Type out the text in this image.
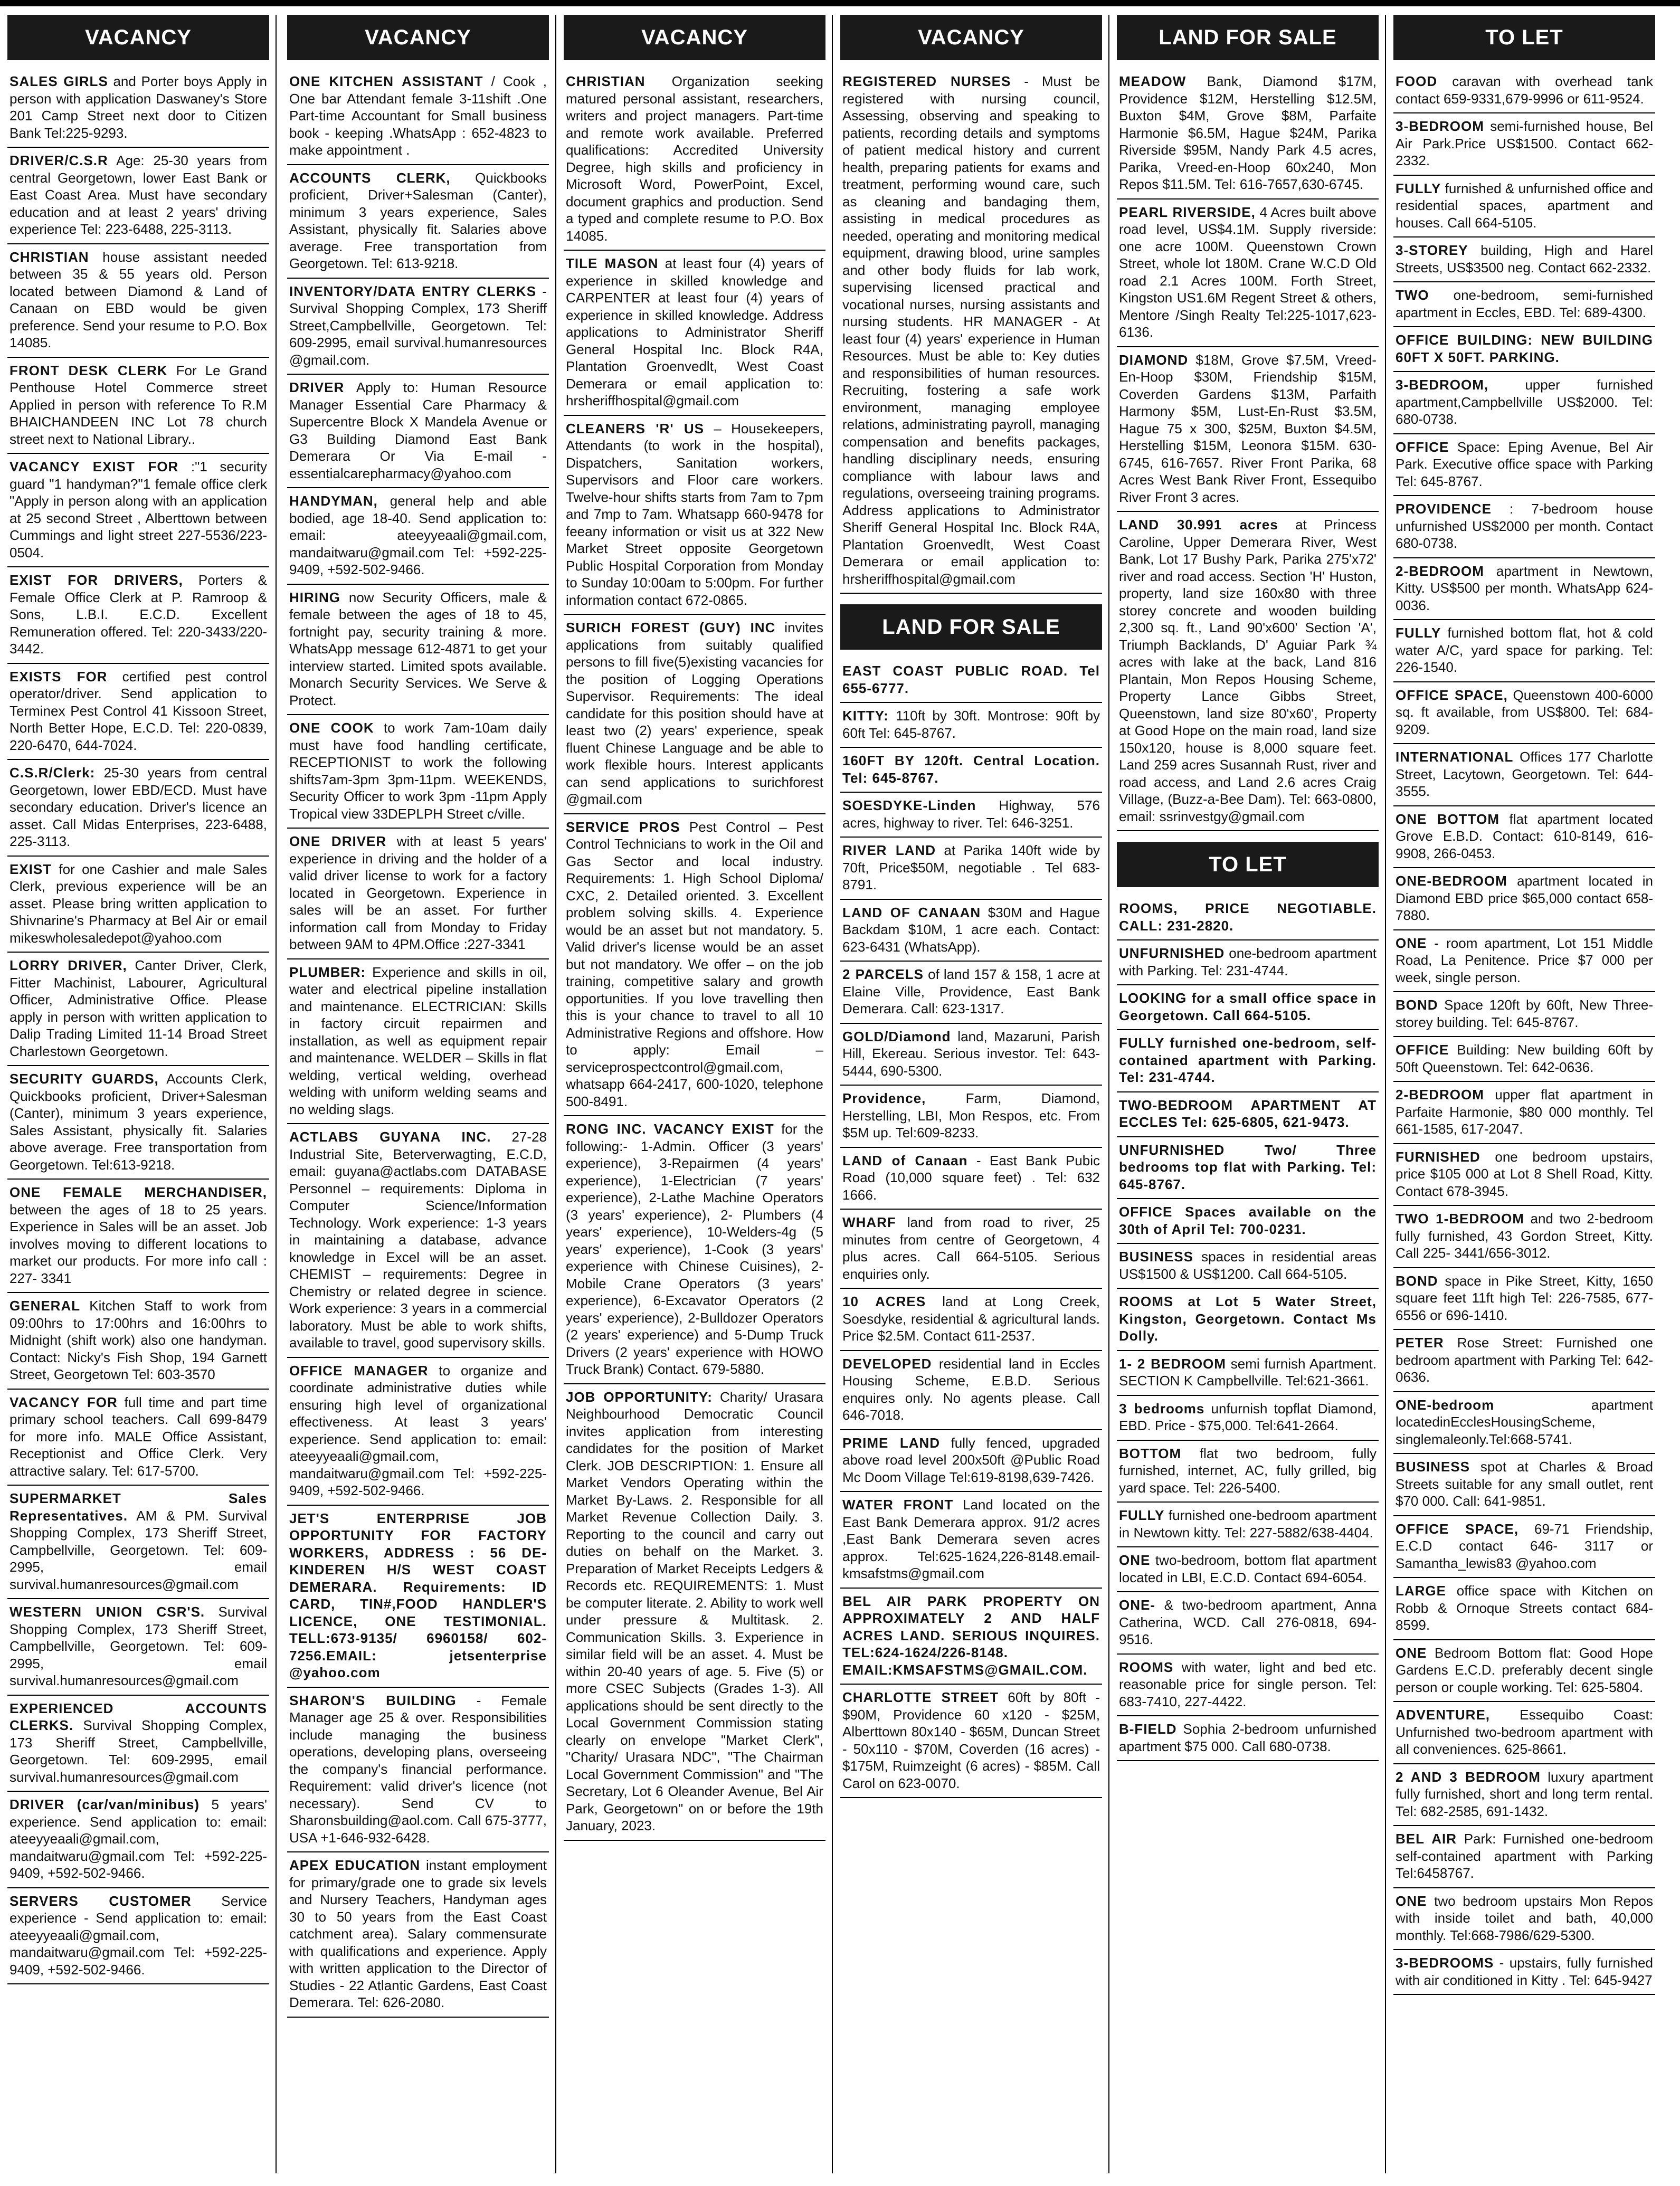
VACANCY
SALES GIRLS and Porter boys Apply in person with application Daswaney's Store 201 Camp Street next door to Citizen Bank Tel:225-9293.
DRIVER/C.S.R Age: 25-30 years from central Georgetown, lower East Bank or East Coast Area. Must have secondary education and at least 2 years' driving experience Tel: 223-6488, 225-3113.
CHRISTIAN house assistant needed between 35 & 55 years old. Person located between Diamond & Land of Canaan on EBD would be given preference. Send your resume to P.O. Box 14085.
FRONT DESK CLERK For Le Grand Penthouse Hotel Commerce street Applied in person with reference To R.M BHAICHANDEEN INC Lot 78 church street next to National Library..
VACANCY EXIST FOR :"1 security guard "1 handyman?"1 female office clerk "Apply in person along with an application at 25 second Street , Alberttown between Cummings and light street 227-5536/223-0504.
EXIST FOR DRIVERS, Porters & Female Office Clerk at P. Ramroop & Sons, L.B.I. E.C.D. Excellent Remuneration offered. Tel: 220-3433/220-3442.
EXISTS FOR certified pest control operator/driver. Send application to Terminex Pest Control 41 Kissoon Street, North Better Hope, E.C.D. Tel: 220-0839, 220-6470, 644-7024.
C.S.R/Clerk: 25-30 years from central Georgetown, lower EBD/ECD. Must have secondary education. Driver's licence an asset. Call Midas Enterprises, 223-6488, 225-3113.
EXIST for one Cashier and male Sales Clerk, previous experience will be an asset. Please bring written application to Shivnarine's Pharmacy at Bel Air or email mikeswholesaledepot@yahoo.com
LORRY DRIVER, Canter Driver, Clerk, Fitter Machinist, Labourer, Agricultural Officer, Administrative Office. Please apply in person with written application to Dalip Trading Limited 11-14 Broad Street Charlestown Georgetown.
SECURITY GUARDS, Accounts Clerk, Quickbooks proficient, Driver+Salesman (Canter), minimum 3 years experience, Sales Assistant, physically fit. Salaries above average. Free transportation from Georgetown. Tel:613-9218.
ONE FEMALE MERCHANDISER, between the ages of 18 to 25 years. Experience in Sales will be an asset. Job involves moving to different locations to market our products. For more info call : 227- 3341
GENERAL Kitchen Staff to work from 09:00hrs to 17:00hrs and 16:00hrs to Midnight (shift work) also one handyman. Contact: Nicky's Fish Shop, 194 Garnett Street, Georgetown Tel: 603-3570
VACANCY FOR full time and part time primary school teachers. Call 699-8479 for more info. MALE Office Assistant, Receptionist and Office Clerk. Very attractive salary. Tel: 617-5700.
SUPERMARKET Sales Representatives. AM & PM. Survival Shopping Complex, 173 Sheriff Street, Campbellville, Georgetown. Tel: 609-2995, email survival.humanresources@gmail.com
WESTERN UNION CSR'S. Survival Shopping Complex, 173 Sheriff Street, Campbellville, Georgetown. Tel: 609-2995, email survival.humanresources@gmail.com
EXPERIENCED ACCOUNTS CLERKS. Survival Shopping Complex, 173 Sheriff Street, Campbellville, Georgetown. Tel: 609-2995, email survival.humanresources@gmail.com
DRIVER (car/van/minibus) 5 years' experience. Send application to: email: ateeyyeaali@gmail.com, mandaitwaru@gmail.com Tel: +592-225-9409, +592-502-9466.
SERVERS CUSTOMER Service experience - Send application to: email: ateeyyeaali@gmail.com, mandaitwaru@gmail.com Tel: +592-225-9409, +592-502-9466.
VACANCY
ONE KITCHEN ASSISTANT / Cook , One bar Attendant female 3-11shift .One Part-time Accountant for Small business book - keeping .WhatsApp : 652-4823 to make appointment .
ACCOUNTS CLERK, Quickbooks proficient, Driver+Salesman (Canter), minimum 3 years experience, Sales Assistant, physically fit. Salaries above average. Free transportation from Georgetown. Tel: 613-9218.
INVENTORY/DATA ENTRY CLERKS - Survival Shopping Complex, 173 Sheriff Street,Campbellville, Georgetown. Tel: 609-2995, email survival.humanresources @gmail.com.
DRIVER Apply to: Human Resource Manager Essential Care Pharmacy & Supercentre Block X Mandela Avenue or G3 Building Diamond East Bank Demerara Or Via E-mail - essentialcarepharmacy@yahoo.com
HANDYMAN, general help and able bodied, age 18-40. Send application to: email: ateeyyeaali@gmail.com, mandaitwaru@gmail.com Tel: +592-225-9409, +592-502-9466.
HIRING now Security Officers, male & female between the ages of 18 to 45, fortnight pay, security training & more. WhatsApp message 612-4871 to get your interview started. Limited spots available. Monarch Security Services. We Serve & Protect.
ONE COOK to work 7am-10am daily must have food handling certificate, RECEPTIONIST to work the following shifts7am-3pm 3pm-11pm. WEEKENDS, Security Officer to work 3pm -11pm Apply Tropical view 33DEPLPH Street c/ville.
ONE DRIVER with at least 5 years' experience in driving and the holder of a valid driver license to work for a factory located in Georgetown. Experience in sales will be an asset. For further information call from Monday to Friday between 9AM to 4PM.Office :227-3341
PLUMBER: Experience and skills in oil, water and electrical pipeline installation and maintenance. ELECTRICIAN: Skills in factory circuit repairmen and installation, as well as equipment repair and maintenance. WELDER – Skills in flat welding, vertical welding, overhead welding with uniform welding seams and no welding slags.
ACTLABS GUYANA INC. 27-28 Industrial Site, Beterverwagting, E.C.D, email: guyana@actlabs.com DATABASE Personnel – requirements: Diploma in Computer Science/Information Technology. Work experience: 1-3 years in maintaining a database, advance knowledge in Excel will be an asset. CHEMIST – requirements: Degree in Chemistry or related degree in science. Work experience: 3 years in a commercial laboratory. Must be able to work shifts, available to travel, good supervisory skills.
OFFICE MANAGER to organize and coordinate administrative duties while ensuring high level of organizational effectiveness. At least 3 years' experience. Send application to: email: ateeyyeaali@gmail.com, mandaitwaru@gmail.com Tel: +592-225-9409, +592-502-9466.
JET'S ENTERPRISE JOB OPPORTUNITY FOR FACTORY WORKERS, ADDRESS : 56 DE-KINDEREN H/S WEST COAST DEMERARA. Requirements: ID CARD, TIN#,FOOD HANDLER'S LICENCE, ONE TESTIMONIAL. TELL:673-9135/ 6960158/ 602-7256.EMAIL: jetsenterprise @yahoo.com
SHARON'S BUILDING - Female Manager age 25 & over. Responsibilities include managing the business operations, developing plans, overseeing the company's financial performance. Requirement: valid driver's licence (not necessary). Send CV to Sharonsbuilding@aol.com. Call 675-3777, USA +1-646-932-6428.
APEX EDUCATION instant employment for primary/grade one to grade six levels and Nursery Teachers, Handyman ages 30 to 50 years from the East Coast catchment area). Salary commensurate with qualifications and experience. Apply with written application to the Director of Studies - 22 Atlantic Gardens, East Coast Demerara. Tel: 626-2080.
VACANCY
CHRISTIAN Organization seeking matured personal assistant, researchers, writers and project managers. Part-time and remote work available. Preferred qualifications: Accredited University Degree, high skills and proficiency in Microsoft Word, PowerPoint, Excel, document graphics and production. Send a typed and complete resume to P.O. Box 14085.
TILE MASON at least four (4) years of experience in skilled knowledge and CARPENTER at least four (4) years of experience in skilled knowledge. Address applications to Administrator Sheriff General Hospital Inc. Block R4A, Plantation Groenvedlt, West Coast Demerara or email application to: hrsheriffhospital@gmail.com
CLEANERS 'R' US – Housekeepers, Attendants (to work in the hospital), Dispatchers, Sanitation workers, Supervisors and Floor care workers. Twelve-hour shifts starts from 7am to 7pm and 7mp to 7am. Whatsapp 660-9478 for feeany information or visit us at 322 New Market Street opposite Georgetown Public Hospital Corporation from Monday to Sunday 10:00am to 5:00pm. For further information contact 672-0865.
SURICH FOREST (GUY) INC invites applications from suitably qualified persons to fill five(5)existing vacancies for the position of Logging Operations Supervisor. Requirements: The ideal candidate for this position should have at least two (2) years' experience, speak fluent Chinese Language and be able to work flexible hours. Interest applicants can send applications to surichforest @gmail.com
SERVICE PROS Pest Control – Pest Control Technicians to work in the Oil and Gas Sector and local industry. Requirements: 1. High School Diploma/ CXC, 2. Detailed oriented. 3. Excellent problem solving skills. 4. Experience would be an asset but not mandatory. 5. Valid driver's license would be an asset but not mandatory. We offer – on the job training, competitive salary and growth opportunities. If you love travelling then this is your chance to travel to all 10 Administrative Regions and offshore. How to apply: Email – serviceprospectcontrol@gmail.com, whatsapp 664-2417, 600-1020, telephone 500-8491.
RONG INC. VACANCY EXIST for the following:- 1-Admin. Officer (3 years' experience), 3-Repairmen (4 years' experience), 1-Electrician (7 years' experience), 2-Lathe Machine Operators (3 years' experience), 2- Plumbers (4 years' experience), 10-Welders-4g (5 years' experience), 1-Cook (3 years' experience with Chinese Cuisines), 2-Mobile Crane Operators (3 years' experience), 6-Excavator Operators (2 years' experience), 2-Bulldozer Operators (2 years' experience) and 5-Dump Truck Drivers (2 years' experience with HOWO Truck Brank) Contact. 679-5880.
JOB OPPORTUNITY: Charity/ Urasara Neighbourhood Democratic Council invites application from interesting candidates for the position of Market Clerk. JOB DESCRIPTION: 1. Ensure all Market Vendors Operating within the Market By-Laws. 2. Responsible for all Market Revenue Collection Daily. 3. Reporting to the council and carry out duties on behalf on the Market. 3. Preparation of Market Receipts Ledgers & Records etc. REQUIREMENTS: 1. Must be computer literate. 2. Ability to work well under pressure & Multitask. 2. Communication Skills. 3. Experience in similar field will be an asset. 4. Must be within 20-40 years of age. 5. Five (5) or more CSEC Subjects (Grades 1-3). All applications should be sent directly to the Local Government Commission stating clearly on envelope "Market Clerk", "Charity/ Urasara NDC", "The Chairman Local Government Commission" and "The Secretary, Lot 6 Oleander Avenue, Bel Air Park, Georgetown" on or before the 19th January, 2023.
VACANCY
REGISTERED NURSES - Must be registered with nursing council, Assessing, observing and speaking to patients, recording details and symptoms of patient medical history and current health, preparing patients for exams and treatment, performing wound care, such as cleaning and bandaging them, assisting in medical procedures as needed, operating and monitoring medical equipment, drawing blood, urine samples and other body fluids for lab work, supervising licensed practical and vocational nurses, nursing assistants and nursing students. HR MANAGER - At least four (4) years' experience in Human Resources. Must be able to: Key duties and responsibilities of human resources. Recruiting, fostering a safe work environment, managing employee relations, administrating payroll, managing compensation and benefits packages, handling disciplinary needs, ensuring compliance with labour laws and regulations, overseeing training programs. Address applications to Administrator Sheriff General Hospital Inc. Block R4A, Plantation Groenvedlt, West Coast Demerara or email application to: hrsheriffhospital@gmail.com
LAND FOR SALE
EAST COAST PUBLIC ROAD. Tel 655-6777.
KITTY: 110ft by 30ft. Montrose: 90ft by 60ft Tel: 645-8767.
160FT BY 120ft. Central Location. Tel: 645-8767.
SOESDYKE-Linden Highway, 576 acres, highway to river. Tel: 646-3251.
RIVER LAND at Parika 140ft wide by 70ft, Price$50M, negotiable . Tel 683-8791.
LAND OF CANAAN $30M and Hague Backdam $10M, 1 acre each. Contact: 623-6431 (WhatsApp).
2 PARCELS of land 157 & 158, 1 acre at Elaine Ville, Providence, East Bank Demerara. Call: 623-1317.
GOLD/Diamond land, Mazaruni, Parish Hill, Ekereau. Serious investor. Tel: 643-5444, 690-5300.
Providence, Farm, Diamond, Herstelling, LBI, Mon Respos, etc. From $5M up. Tel:609-8233.
LAND of Canaan - East Bank Pubic Road (10,000 square feet) . Tel: 632 1666.
WHARF land from road to river, 25 minutes from centre of Georgetown, 4 plus acres. Call 664-5105. Serious enquiries only.
10 ACRES land at Long Creek, Soesdyke, residential & agricultural lands. Price $2.5M. Contact 611-2537.
DEVELOPED residential land in Eccles Housing Scheme, E.B.D. Serious enquires only. No agents please. Call 646-7018.
PRIME LAND fully fenced, upgraded above road level 200x50ft @Public Road Mc Doom Village Tel:619-8198,639-7426.
WATER FRONT Land located on the East Bank Demerara approx. 91/2 acres ,East Bank Demerara seven acres approx. Tel:625-1624,226-8148.email-kmsafstms@gmail.com
BEL AIR PARK PROPERTY ON APPROXIMATELY 2 AND HALF ACRES LAND. SERIOUS INQUIRES. TEL:624-1624/226-8148. EMAIL:KMSAFSTMS@GMAIL.COM.
CHARLOTTE STREET 60ft by 80ft - $90M, Providence 60 x120 - $25M, Alberttown 80x140 - $65M, Duncan Street - 50x110 - $70M, Coverden (16 acres) - $175M, Ruimzeight (6 acres) - $85M. Call Carol on 623-0070.
LAND FOR SALE
MEADOW Bank, Diamond $17M, Providence $12M, Herstelling $12.5M, Buxton $4M, Grove $8M, Parfaite Harmonie $6.5M, Hague $24M, Parika Riverside $95M, Nandy Park 4.5 acres, Parika, Vreed-en-Hoop 60x240, Mon Repos $11.5M. Tel: 616-7657,630-6745.
PEARL RIVERSIDE, 4 Acres built above road level, US$4.1M. Supply riverside: one acre 100M. Queenstown Crown Street, whole lot 180M. Crane W.C.D Old road 2.1 Acres 100M. Forth Street, Kingston US1.6M Regent Street & others, Mentore /Singh Realty Tel:225-1017,623-6136.
DIAMOND $18M, Grove $7.5M, Vreed-En-Hoop $30M, Friendship $15M, Coverden Gardens $13M, Parfaith Harmony $5M, Lust-En-Rust $3.5M, Hague 75 x 300, $25M, Buxton $4.5M, Herstelling $15M, Leonora $15M. 630-6745, 616-7657. River Front Parika, 68 Acres West Bank River Front, Essequibo River Front 3 acres.
LAND 30.991 acres at Princess Caroline, Upper Demerara River, West Bank, Lot 17 Bushy Park, Parika 275'x72' river and road access. Section 'H' Huston, property, land size 160x80 with three storey concrete and wooden building 2,300 sq. ft., Land 90'x600' Section 'A', Triumph Backlands, D' Aguiar Park ¾ acres with lake at the back, Land 816 Plantain, Mon Repos Housing Scheme, Property Lance Gibbs Street, Queenstown, land size 80'x60', Property at Good Hope on the main road, land size 150x120, house is 8,000 square feet. Land 259 acres Susannah Rust, river and road access, and Land 2.6 acres Craig Village, (Buzz-a-Bee Dam). Tel: 663-0800, email: ssrinvestgy@gmail.com
TO LET
ROOMS, PRICE NEGOTIABLE. CALL: 231-2820.
UNFURNISHED one-bedroom apartment with Parking. Tel: 231-4744.
LOOKING for a small office space in Georgetown. Call 664-5105.
FULLY furnished one-bedroom, self-contained apartment with Parking. Tel: 231-4744.
TWO-BEDROOM APARTMENT AT ECCLES Tel: 625-6805, 621-9473.
UNFURNISHED Two/ Three bedrooms top flat with Parking. Tel: 645-8767.
OFFICE Spaces available on the 30th of April Tel: 700-0231.
BUSINESS spaces in residential areas US$1500 & US$1200. Call 664-5105.
ROOMS at Lot 5 Water Street, Kingston, Georgetown. Contact Ms Dolly.
1- 2 BEDROOM semi furnish Apartment. SECTION K Campbellville. Tel:621-3661.
3 bedrooms unfurnish topflat Diamond, EBD. Price - $75,000. Tel:641-2664.
BOTTOM flat two bedroom, fully furnished, internet, AC, fully grilled, big yard space. Tel: 226-5400.
FULLY furnished one-bedroom apartment in Newtown kitty. Tel: 227-5882/638-4404.
ONE two-bedroom, bottom flat apartment located in LBI, E.C.D. Contact 694-6054.
ONE- & two-bedroom apartment, Anna Catherina, WCD. Call 276-0818, 694-9516.
ROOMS with water, light and bed etc. reasonable price for single person. Tel: 683-7410, 227-4422.
B-FIELD Sophia 2-bedroom unfurnished apartment $75 000. Call 680-0738.
TO LET
FOOD caravan with overhead tank contact 659-9331,679-9996 or 611-9524.
3-BEDROOM semi-furnished house, Bel Air Park.Price US$1500. Contact 662-2332.
FULLY furnished & unfurnished office and residential spaces, apartment and houses. Call 664-5105.
3-STOREY building, High and Harel Streets, US$3500 neg. Contact 662-2332.
TWO one-bedroom, semi-furnished apartment in Eccles, EBD. Tel: 689-4300.
OFFICE BUILDING: NEW BUILDING 60FT X 50FT. PARKING.
3-BEDROOM, upper furnished apartment,Campbellville US$2000. Tel: 680-0738.
OFFICE Space: Eping Avenue, Bel Air Park. Executive office space with Parking Tel: 645-8767.
PROVIDENCE : 7-bedroom house unfurnished US$2000 per month. Contact 680-0738.
2-BEDROOM apartment in Newtown, Kitty. US$500 per month. WhatsApp 624-0036.
FULLY furnished bottom flat, hot & cold water A/C, yard space for parking. Tel: 226-1540.
OFFICE SPACE, Queenstown 400-6000 sq. ft available, from US$800. Tel: 684-9209.
INTERNATIONAL Offices 177 Charlotte Street, Lacytown, Georgetown. Tel: 644-3555.
ONE BOTTOM flat apartment located Grove E.B.D. Contact: 610-8149, 616-9908, 266-0453.
ONE-BEDROOM apartment located in Diamond EBD price $65,000 contact 658-7880.
ONE - room apartment, Lot 151 Middle Road, La Penitence. Price $7 000 per week, single person.
BOND Space 120ft by 60ft, New Three-storey building. Tel: 645-8767.
OFFICE Building: New building 60ft by 50ft Queenstown. Tel: 642-0636.
2-BEDROOM upper flat apartment in Parfaite Harmonie, $80 000 monthly. Tel 661-1585, 617-2047.
FURNISHED one bedroom upstairs, price $105 000 at Lot 8 Shell Road, Kitty. Contact 678-3945.
TWO 1-BEDROOM and two 2-bedroom fully furnished, 43 Gordon Street, Kitty. Call 225- 3441/656-3012.
BOND space in Pike Street, Kitty, 1650 square feet 11ft high Tel: 226-7585, 677-6556 or 696-1410.
PETER Rose Street: Furnished one bedroom apartment with Parking Tel: 642-0636.
ONE-bedroom apartment locatedinEcclesHousingScheme, singlemaleonly.Tel:668-5741.
BUSINESS spot at Charles & Broad Streets suitable for any small outlet, rent $70 000. Call: 641-9851.
OFFICE SPACE, 69-71 Friendship, E.C.D contact 646- 3117 or Samantha_lewis83 @yahoo.com
LARGE office space with Kitchen on Robb & Ornoque Streets contact 684-8599.
ONE Bedroom Bottom flat: Good Hope Gardens E.C.D. preferably decent single person or couple working. Tel: 625-5804.
ADVENTURE, Essequibo Coast: Unfurnished two-bedroom apartment with all conveniences. 625-8661.
2 AND 3 BEDROOM luxury apartment fully furnished, short and long term rental. Tel: 682-2585, 691-1432.
BEL AIR Park: Furnished one-bedroom self-contained apartment with Parking Tel:6458767.
ONE two bedroom upstairs Mon Repos with inside toilet and bath, 40,000 monthly. Tel:668-7986/629-5300.
3-BEDROOMS - upstairs, fully furnished with air conditioned in Kitty . Tel: 645-9427
